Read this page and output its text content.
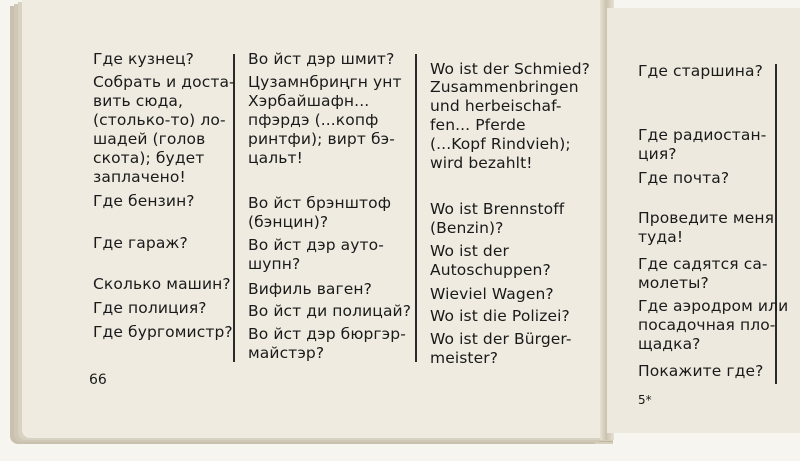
Где кузнец?
Собрать и доста-
вить сюда,
(столько-то) ло-
шадей (голов
скота); будет
заплачено!
Где бензин?
Где гараж?
Сколько машин?
Где полиция?
Где бургомистр?
Во йст дэр шмит?
Цузамнбриңгн унт
Хэрбайшафн...
пфэрдэ (...копф
ринтфи); вирт бэ-
цальт!
Во йст брэнштоф
(бэнцин)?
Во йст дэр ауто-
шупн?
Вифиль ваген?
Во йст ди полицай?
Во йст дэр бюргэр-
майстэр?
Wo ist der Schmied?
Zusammenbringen
und herbeischaf-
fen... Pferde
(...Kopf Rindvieh);
wird bezahlt!
Wo ist Brennstoff
(Benzin)?
Wo ist der
Autoschuppen?
Wieviel Wagen?
Wo ist die Polizei?
Wo ist der Bürger-
meister?
Где старшина?
Где радиостан-
ция?
Где почта?
Проведите меня
туда!
Где садятся са-
молеты?
Где аэродром или
посадочная пло-
щадка?
Покажите где?
66
5*
